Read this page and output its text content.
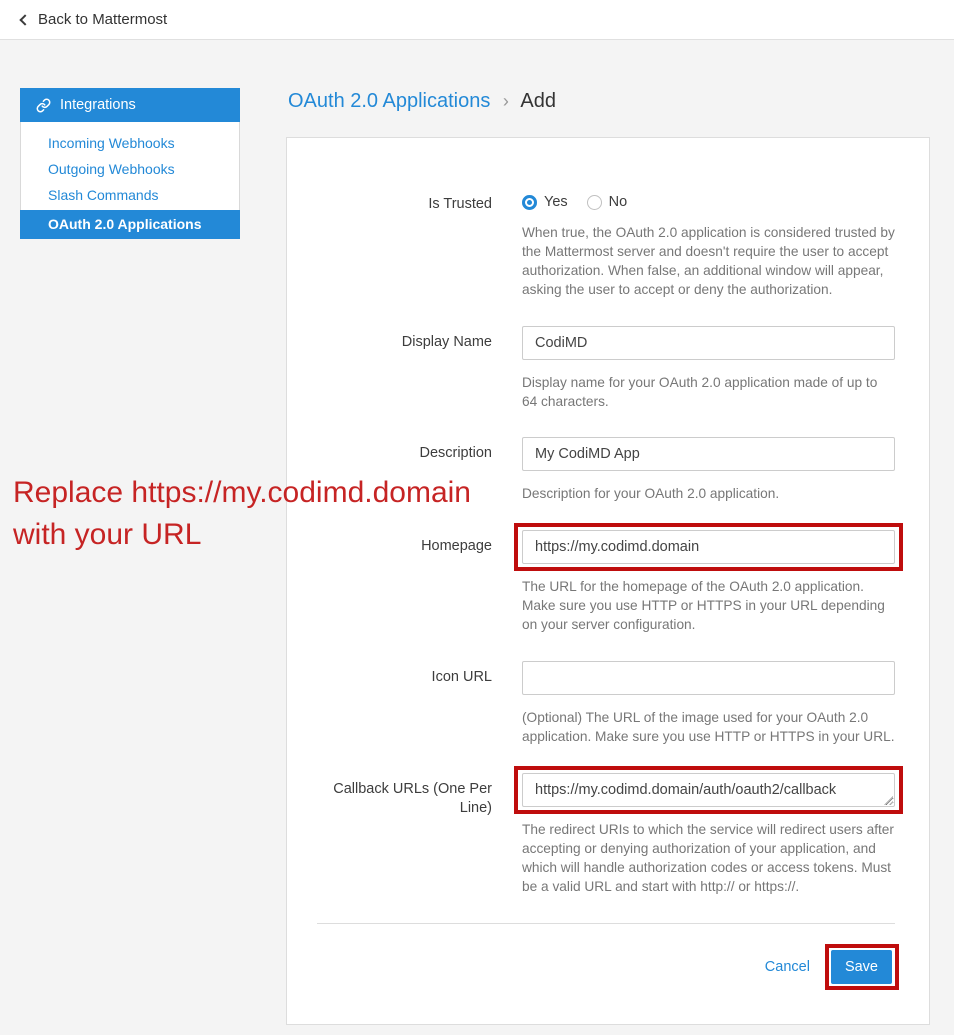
Back to Mattermost
Integrations
Incoming Webhooks
Outgoing Webhooks
Slash Commands
OAuth 2.0 Applications
OAuth 2.0 Applications › Add
Is Trusted	Yes	No

When true, the OAuth 2.0 application is considered trusted by the Mattermost server and doesn't require the user to accept authorization. When false, an additional window will appear, asking the user to accept or deny the authorization.

Display Name
CodiMD

Display name for your OAuth 2.0 application made of up to 64 characters.

Description
My CodiMD App

Description for your OAuth 2.0 application.

Homepage
https://my.codimd.domain

The URL for the homepage of the OAuth 2.0 application. Make sure you use HTTP or HTTPS in your URL depending on your server configuration.

Icon URL

(Optional) The URL of the image used for your OAuth 2.0 application. Make sure you use HTTP or HTTPS in your URL.

Callback URLs (One Per Line)
https://my.codimd.domain/auth/oauth2/callback

The redirect URIs to which the service will redirect users after accepting or denying authorization of your application, and which will handle authorization codes or access tokens. Must be a valid URL and start with http:// or https://.

Cancel	Save
Replace https://my.codimd.domain
with your URL
